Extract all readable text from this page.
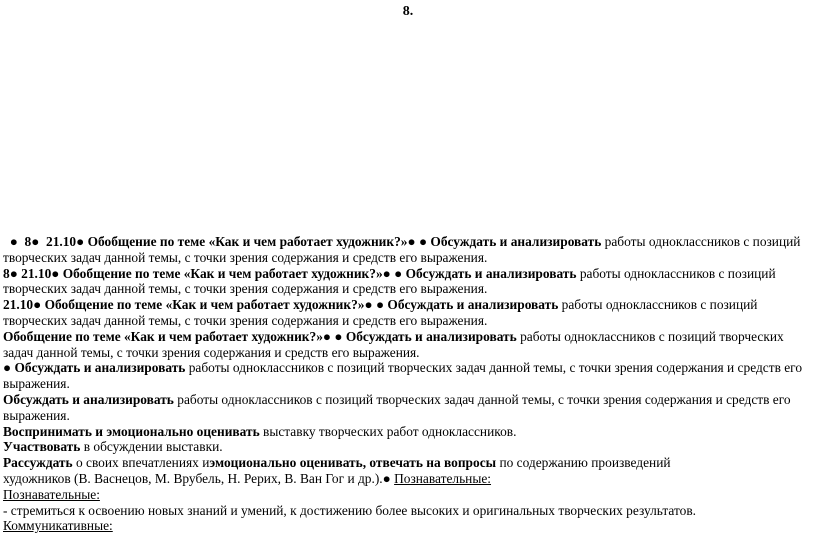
8.

● 8● 21.10● Обобщение по теме «Как и чем работает художник?»● ● Обсуждать и анализировать работы одноклассников с позиций
творческих задач данной темы, с точки зрения содержания и средств его выражения.

8● 21.10● Обобщение по теме «Как и чем работает художник?»● ● Обсуждать и анализировать работы одноклассников с позиций
творческих задач данной темы, с точки зрения содержания и средств его выражения.

21.10● Обобщение по теме «Как и чем работает художник?»● ● Обсуждать и анализировать работы одноклассников с позиций
творческих задач данной темы, с точки зрения содержания и средств его выражения.

Обобщение по теме «Как и чем работает художник?»● ● Обсуждать и анализировать работы одноклассников с позиций творческих
задач данной темы, с точки зрения содержания и средств его выражения.

● Обсуждать и анализировать работы одноклассников с позиций творческих задач данной темы, с точки зрения содержания и средств его
выражения.

Обсуждать и анализировать работы одноклассников с позиций творческих задач данной темы, с точки зрения содержания и средств его
выражения.

Воспринимать и эмоционально оценивать выставку творческих работ одноклассников.

Участвовать в обсуждении выставки.

Рассуждать о своих впечатлениях иэмоционально оценивать, отвечать на вопросы по содержанию произведений
художников (В. Васнецов, М. Врубель, Н. Рерих, В. Ван Гог и др.).● Познавательные:

Познавательные:
- стремиться к освоению новых знаний и умений, к достижению более высоких и оригинальных творческих результатов.

Коммуникативные:
